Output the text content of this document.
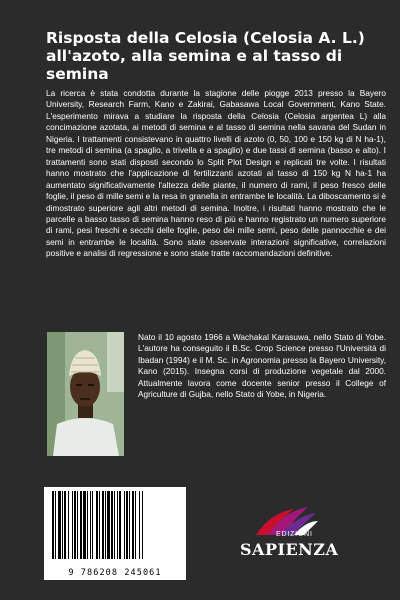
Risposta della Celosia (Celosia A. L.) all'azoto, alla semina e al tasso di semina

La ricerca è stata condotta durante la stagione delle piogge 2013 presso la Bayero University, Research Farm, Kano e Zakirai, Gabasawa Local Government, Kano State. L'esperimento mirava a studiare la risposta della Celosia (Celosia argentea L) alla concimazione azotata, ai metodi di semina e al tasso di semina nella savana del Sudan in Nigeria. I trattamenti consistevano in quattro livelli di azoto (0, 50, 100 e 150 kg di N ha-1), tre metodi di semina (a spaglio, a trivella e a spaglio) e due tassi di semina (basso e alto). I trattamenti sono stati disposti secondo lo Split Plot Design e replicati tre volte. I risultati hanno mostrato che l'applicazione di fertilizzanti azotati al tasso di 150 kg N ha-1 ha aumentato significativamente l'altezza delle piante, il numero di rami, il peso fresco delle foglie, il peso di mille semi e la resa in granella in entrambe le località. La diboscamento si è dimostrato superiore agli altri metodi di semina. Inoltre, i risultati hanno mostrato che le parcelle a basso tasso di semina hanno reso di più e hanno registrato un numero superiore di rami, pesi freschi e secchi delle foglie, peso dei mille semi, peso delle pannocchie e dei semi in entrambe le località. Sono state osservate interazioni significative, correlazioni positive e analisi di regressione e sono state tratte raccomandazioni definitive.

Nato il 10 agosto 1966 a Wachakal Karasuwa, nello Stato di Yobe. L'autore ha conseguito il B.Sc. Crop Science presso l'Università di Ibadan (1994) e il M. Sc. in Agronomia presso la Bayero University, Kano (2015). Insegna corsi di produzione vegetale dal 2000. Attualmente lavora come docente senior presso il College of Agriculture di Gujba, nello Stato di Yobe, in Nigeria.

9 786208 245061
EDIZIONI
SAPIENZA
